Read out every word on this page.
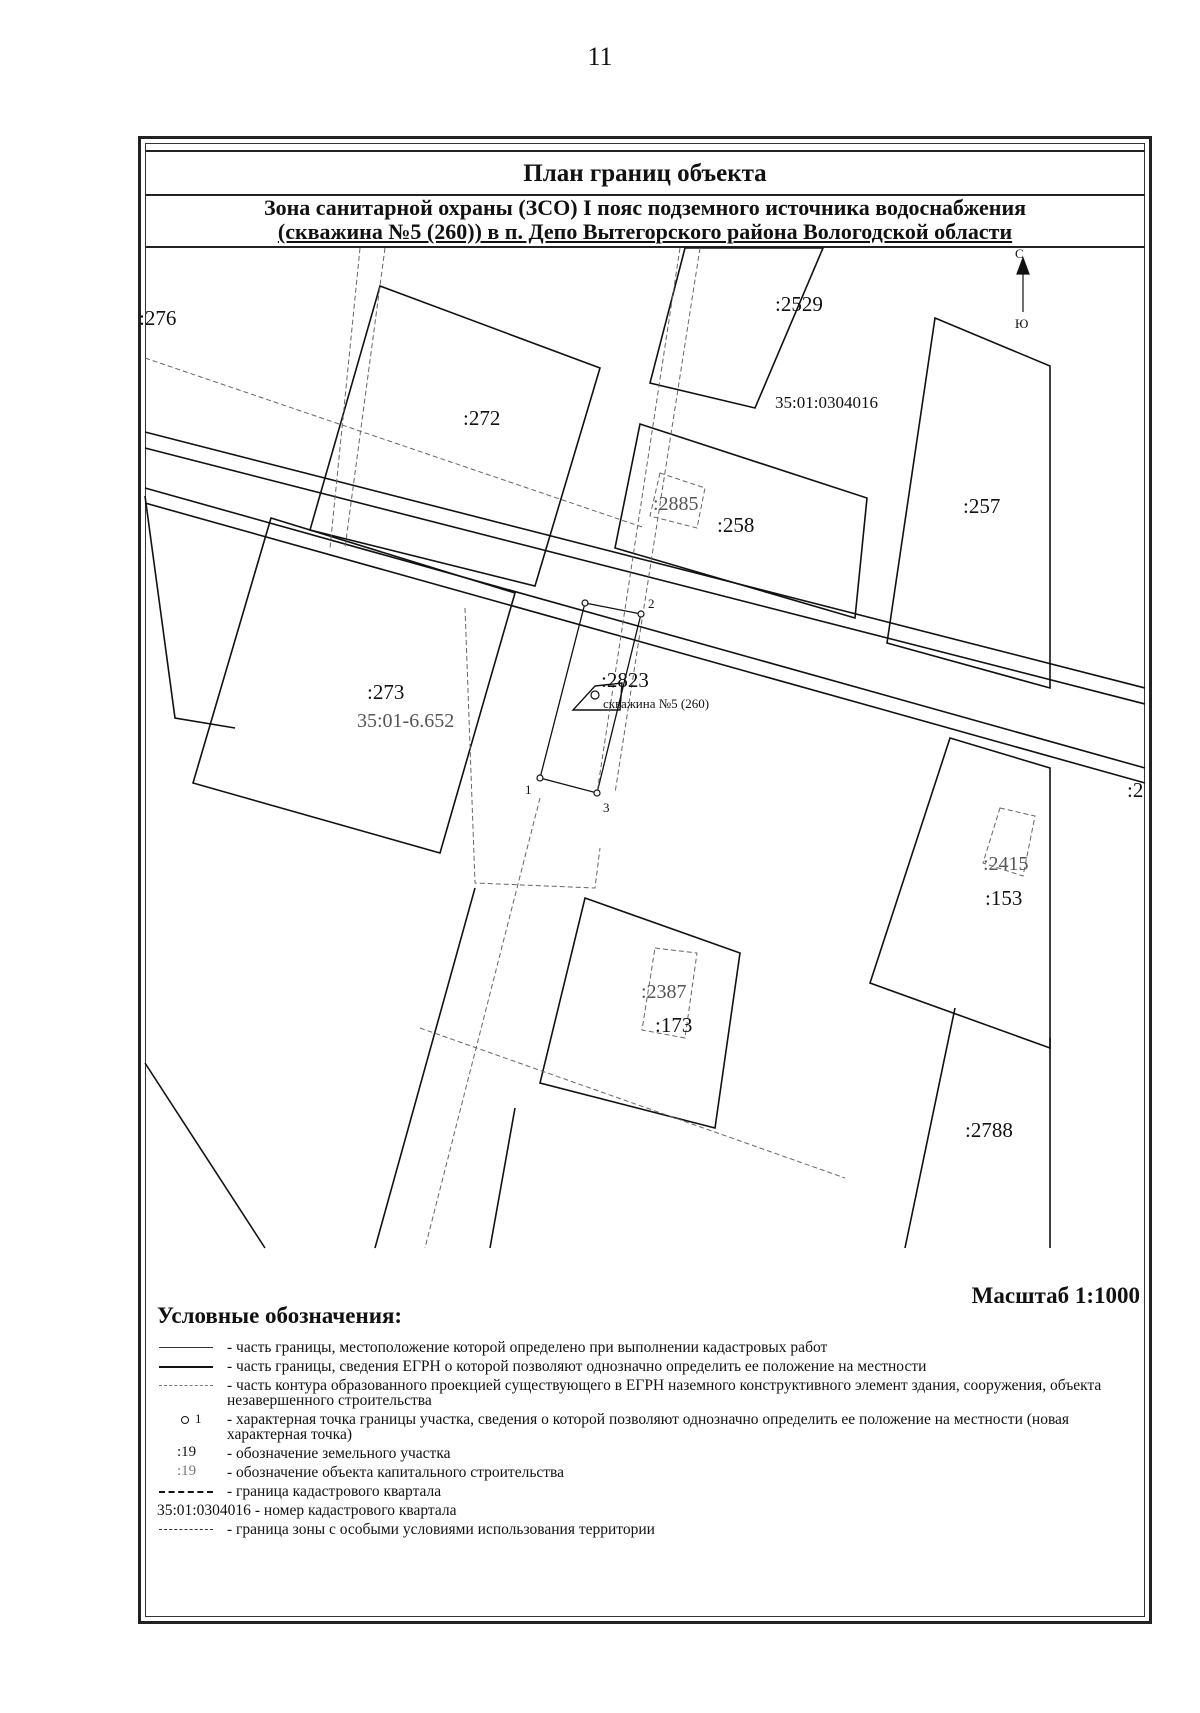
11
План границ объекта
Зона санитарной охраны (ЗСО) I пояс подземного источника водоснабжения
(скважина №5 (260)) в п. Депо Вытегорского района Вологодской области
С
Ю
:276
:2529
:272
:258
:257
:273
:2788
:153
:173
:2
:2885
:2823
:2415
:2387
35:01:0304016
35:01-6.652
скважина №5 (260)
1
2
3
Масштаб 1:1000
Условные обозначения:
- часть границы, местоположение которой определено при выполнении кадастровых работ
- часть границы, сведения ЕГРН о которой позволяют однозначно определить ее положение на местности
- часть контура образованного проекцией существующего в ЕГРН наземного конструктивного элемент здания, сооружения, объекта незавершенного строительства
1 - характерная точка границы участка, сведения о которой позволяют однозначно определить ее положение на местности (новая характерная точка)
:19 - обозначение земельного участка
:19 - обозначение объекта капитального строительства
- граница кадастрового квартала
35:01:0304016 - номер кадастрового квартала
- граница зоны с особыми условиями использования территории
